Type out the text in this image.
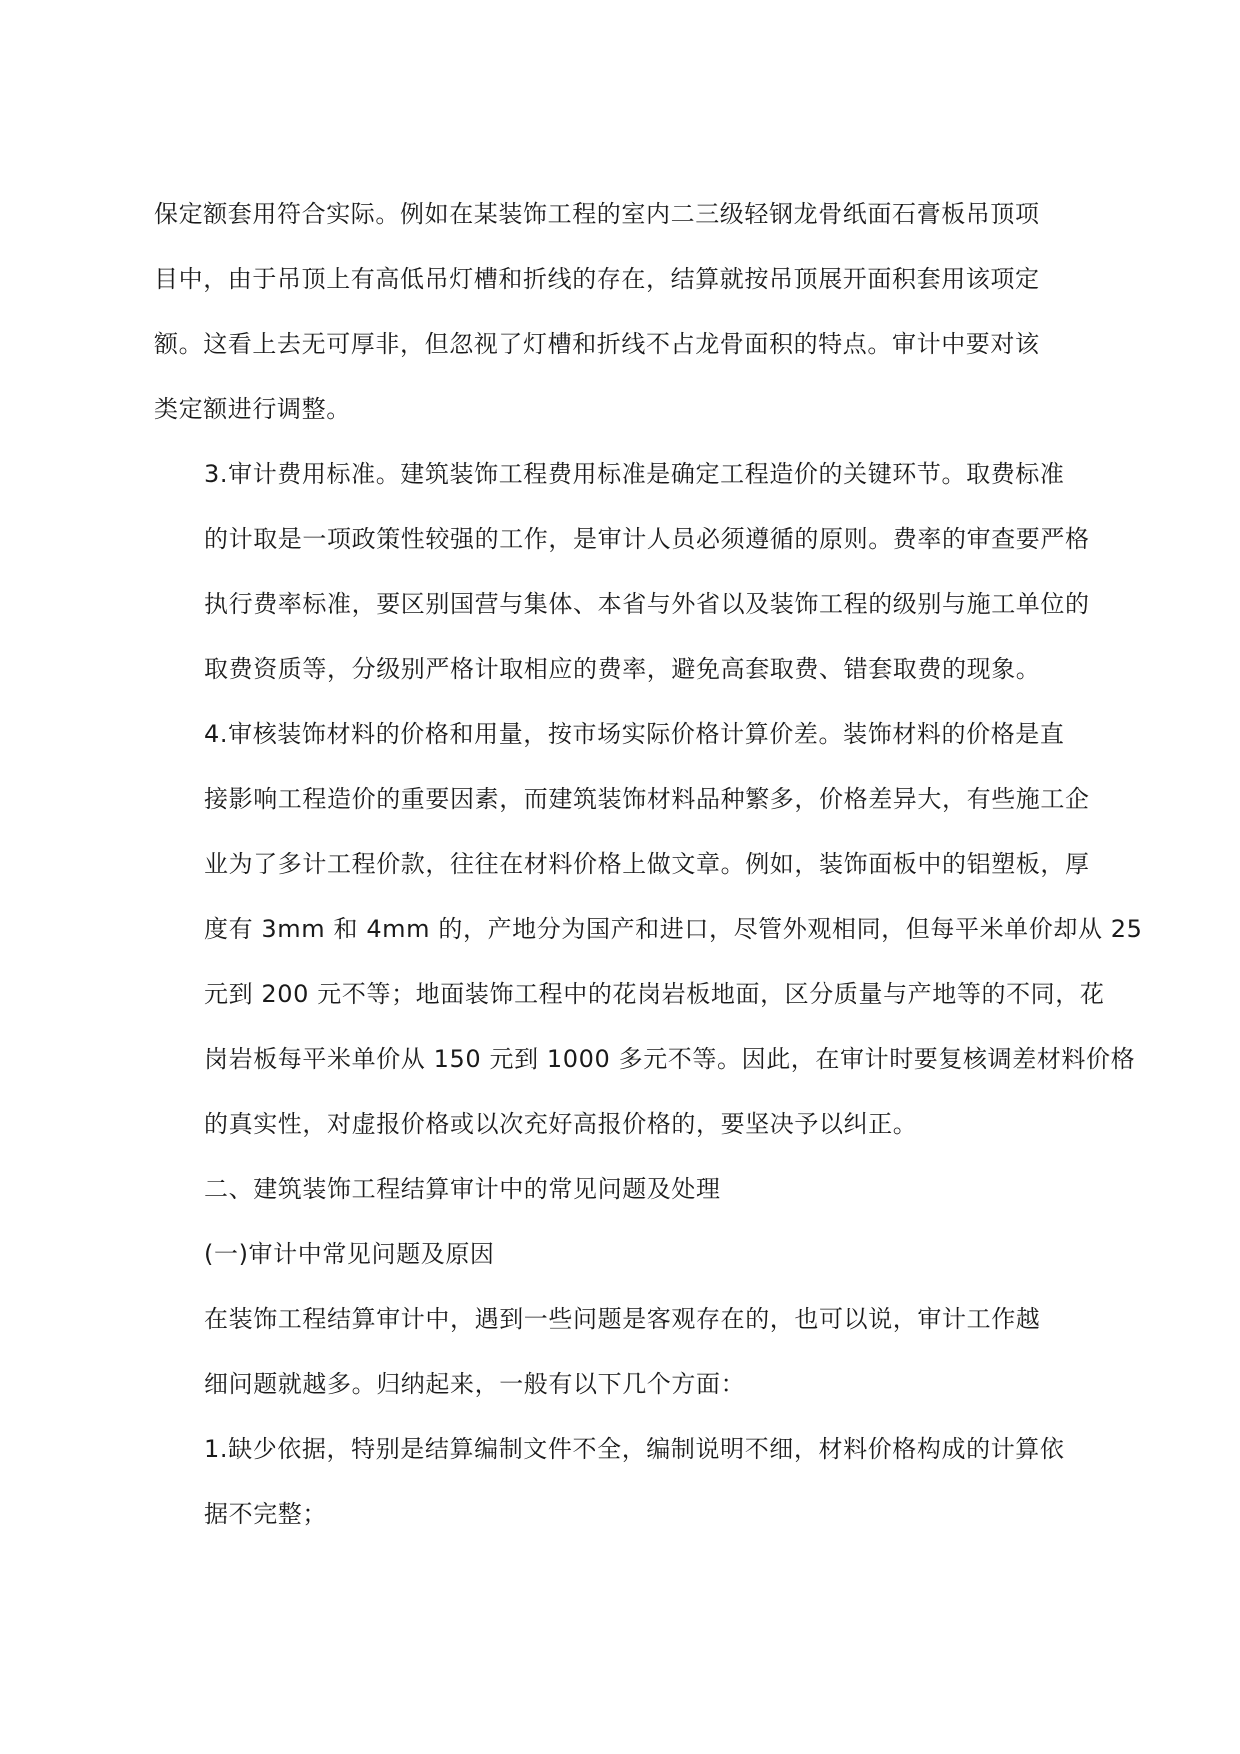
保定额套用符合实际。例如在某装饰工程的室内二三级轻钢龙骨纸面石膏板吊顶项
目中，由于吊顶上有高低吊灯槽和折线的存在，结算就按吊顶展开面积套用该项定
额。这看上去无可厚非，但忽视了灯槽和折线不占龙骨面积的特点。审计中要对该
类定额进行调整。

3.审计费用标准。建筑装饰工程费用标准是确定工程造价的关键环节。取费标准
的计取是一项政策性较强的工作，是审计人员必须遵循的原则。费率的审查要严格
执行费率标准，要区别国营与集体、本省与外省以及装饰工程的级别与施工单位的
取费资质等，分级别严格计取相应的费率，避免高套取费、错套取费的现象。

4.审核装饰材料的价格和用量，按市场实际价格计算价差。装饰材料的价格是直
接影响工程造价的重要因素，而建筑装饰材料品种繁多，价格差异大，有些施工企
业为了多计工程价款，往往在材料价格上做文章。例如，装饰面板中的铝塑板，厚
度有 3mm 和 4mm 的，产地分为国产和进口，尽管外观相同，但每平米单价却从 25
元到 200 元不等；地面装饰工程中的花岗岩板地面，区分质量与产地等的不同，花
岗岩板每平米单价从 150 元到 1000 多元不等。因此，在审计时要复核调差材料价格
的真实性，对虚报价格或以次充好高报价格的，要坚决予以纠正。

二、建筑装饰工程结算审计中的常见问题及处理

(一)审计中常见问题及原因

在装饰工程结算审计中，遇到一些问题是客观存在的，也可以说，审计工作越
细问题就越多。归纳起来，一般有以下几个方面：

1.缺少依据，特别是结算编制文件不全，编制说明不细，材料价格构成的计算依
据不完整；
